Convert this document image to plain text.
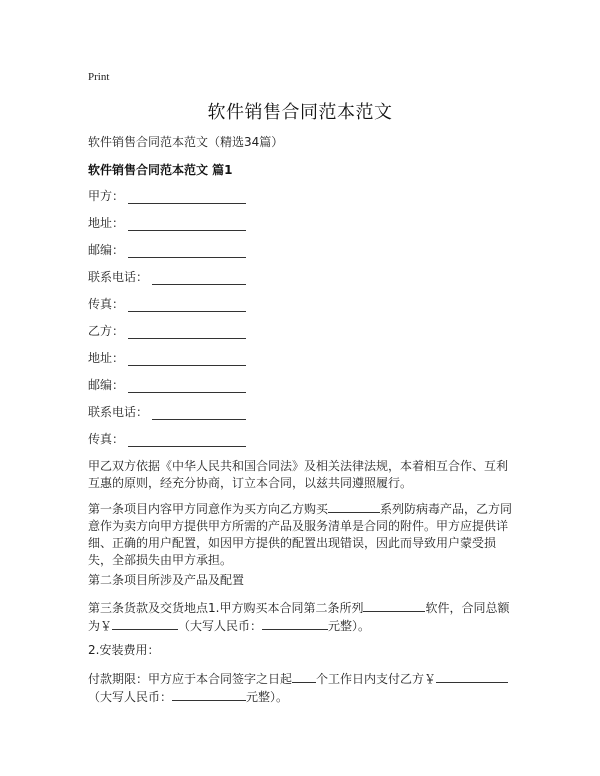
Print
软件销售合同范本范文
软件销售合同范本范文（精选34篇）
软件销售合同范本范文 篇1
甲方：
地址：
邮编：
联系电话：
传真：
乙方：
地址：
邮编：
联系电话：
传真：
甲乙双方依据《中华人民共和国合同法》及相关法律法规，本着相互合作、互利互惠的原则，经充分协商，订立本合同，以兹共同遵照履行。
第一条项目内容甲方同意作为买方向乙方购买	系列防病毒产品，乙方同意作为卖方向甲方提供甲方所需的产品及服务清单是合同的附件。甲方应提供详细、正确的用户配置，如因甲方提供的配置出现错误，因此而导致用户蒙受损失，全部损失由甲方承担。
第二条项目所涉及产品及配置
第三条货款及交货地点1.甲方购买本合同第二条所列	软件，合同总额为￥	（大写人民币：	元整）。
2.安装费用：
付款期限：甲方应于本合同签字之日起 个工作日内支付乙方￥（大写人民币：	元整）。
